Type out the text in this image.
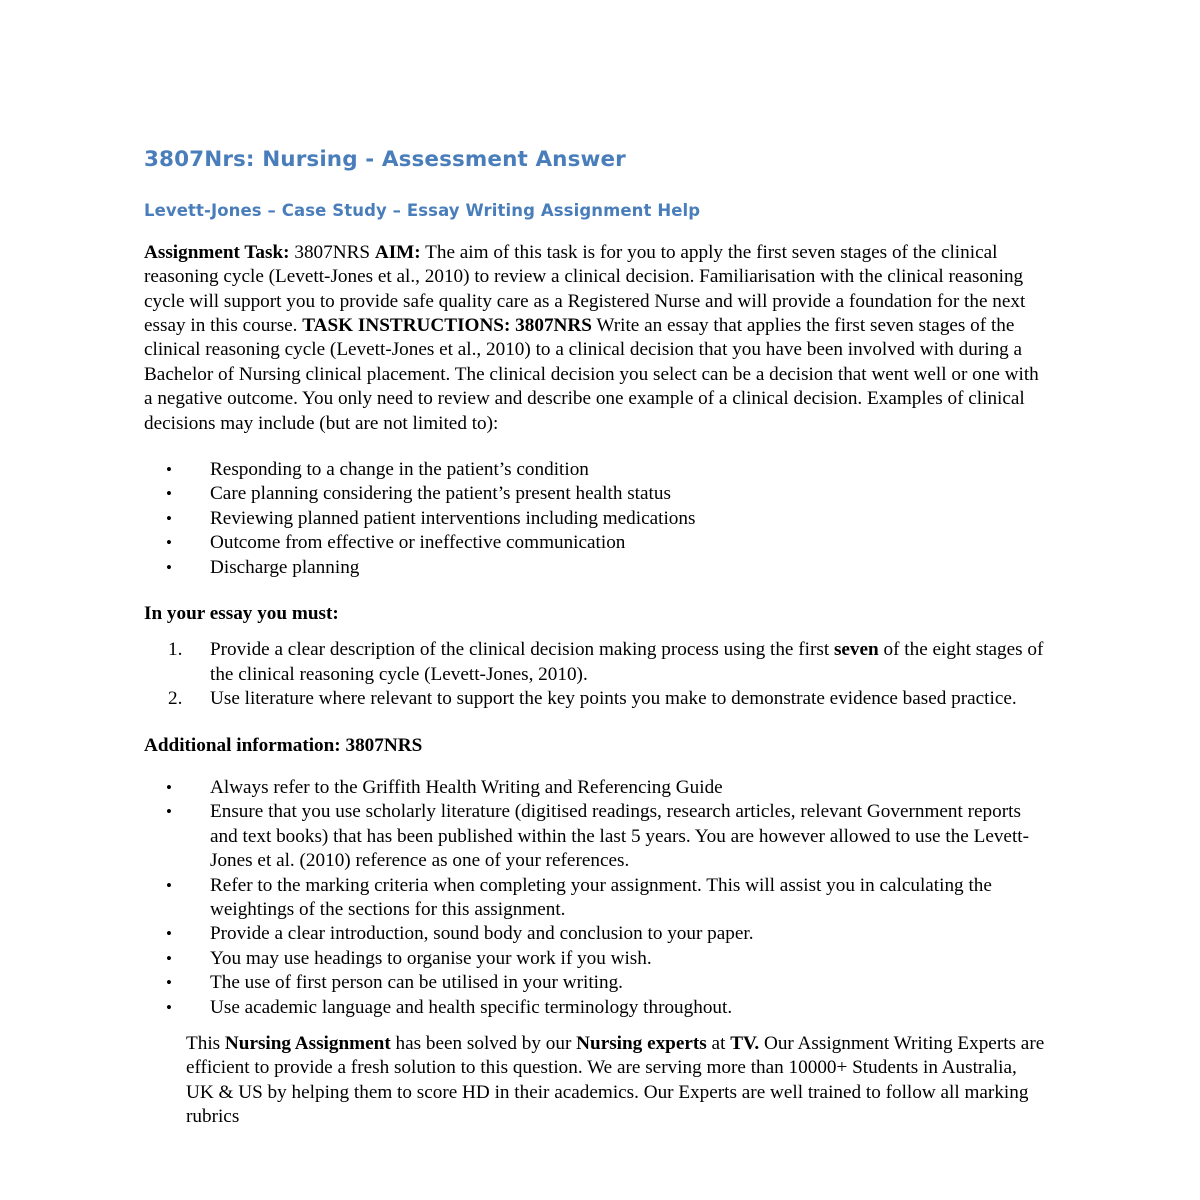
3807Nrs: Nursing - Assessment Answer
Levett-Jones – Case Study – Essay Writing Assignment Help

Assignment Task: 3807NRS AIM: The aim of this task is for you to apply the first seven stages of the clinical reasoning cycle (Levett-Jones et al., 2010) to review a clinical decision. Familiarisation with the clinical reasoning cycle will support you to provide safe quality care as a Registered Nurse and will provide a foundation for the next essay in this course. TASK INSTRUCTIONS: 3807NRS Write an essay that applies the first seven stages of the clinical reasoning cycle (Levett-Jones et al., 2010) to a clinical decision that you have been involved with during a Bachelor of Nursing clinical placement. The clinical decision you select can be a decision that went well or one with a negative outcome. You only need to review and describe one example of a clinical decision. Examples of clinical decisions may include (but are not limited to):

• Responding to a change in the patient’s condition
• Care planning considering the patient’s present health status
• Reviewing planned patient interventions including medications
• Outcome from effective or ineffective communication
• Discharge planning

In your essay you must:

1. Provide a clear description of the clinical decision making process using the first seven of the eight stages of the clinical reasoning cycle (Levett-Jones, 2010).
2. Use literature where relevant to support the key points you make to demonstrate evidence based practice.

Additional information: 3807NRS

• Always refer to the Griffith Health Writing and Referencing Guide
• Ensure that you use scholarly literature (digitised readings, research articles, relevant Government reports and text books) that has been published within the last 5 years. You are however allowed to use the Levett-Jones et al. (2010) reference as one of your references.
• Refer to the marking criteria when completing your assignment. This will assist you in calculating the weightings of the sections for this assignment.
• Provide a clear introduction, sound body and conclusion to your paper.
• You may use headings to organise your work if you wish.
• The use of first person can be utilised in your writing.
• Use academic language and health specific terminology throughout.

This Nursing Assignment has been solved by our Nursing experts at TV. Our Assignment Writing Experts are efficient to provide a fresh solution to this question. We are serving more than 10000+ Students in Australia, UK & US by helping them to score HD in their academics. Our Experts are well trained to follow all marking rubrics
